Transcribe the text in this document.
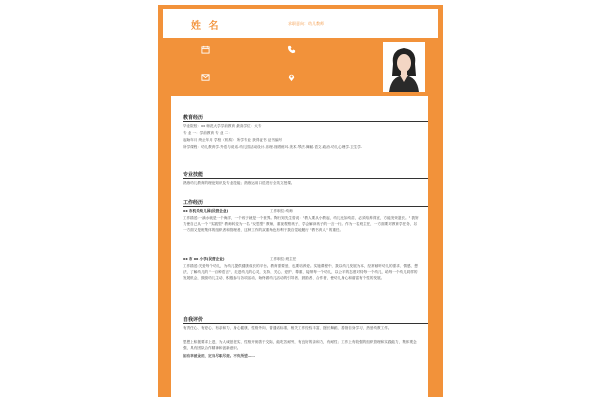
姓 名	求职意向：幼儿教师
教育经历
毕业院校：xx 师范大学学前教育 最高学位：大专
专 业 一：学前教育 专 业 二：
起始年月 终止年月 学校（机构） 所学专业 获得证书 证书编号
所学课程：幼儿教育学.外语与说话.幼儿园活动设计.乐理.视唱练耳.美术.琴法.舞蹈.语文.政治.幼儿心理学.卫生学.
专业技能
熟练幼儿教育的理论知识及专业技能；熟练运用口语进行全英文授课。
工作经历
xx 市机关幼儿园(民营企业)	工作职位:幼师
工作描述:一滴水就是一个海洋，一个孩子就是一个世界。陶行知先生曾说："教人要从小教起，幼儿比如幼苗，必须培养得宜，方能发荣滋长。" 我努力使自己从一个 "实践型" 教师转变为一名 "反思型" 教师，重视观察孩子，学会解读孩子的一言一行。作为一名班主任，一方面要对教育学任务，另一方面又是班集体的组织者和管理者，这种工作的双重角色有利于我自觉地履行 "教书育人" 的重任。
xx 市 xx 小学(民营企业)	工作职位:班主任
工作描述:关爱每个幼儿，为幼儿提供健康成长的平台。教育需要爱，也要培养爱。实施课程中，我以幼儿发展为本，经常倾听幼儿的需求、情感、想法，了解幼儿的 "一百种语言"，走进幼儿的心灵，支持、关心、爱护、尊重、接纳每一个幼儿，以公平的态度对待每一个幼儿，给每一个幼儿同样的发展机会，鼓励幼儿主动、积极参与各项活动，始终做幼儿活动的引导者、鼓励者、合作者，使幼儿身心和谐富有个性的发展。
自我评价
有责任心、有爱心、有亲和力，身心健康，性格外向，普通话标准，相关工作经验丰富，擅长舞蹈，善指自身学习，热爱幼教工作。
思想上积极要求上进，为人诚恳老实，性格开朗善于交际，能吃苦耐劳，有良好的亲和力，有耐性；工作上有较强的组织管理和实践能力，集体观念强，具有团队合作精神和创新意识。
如有幸被录用，定当尽职尽责。不负所望……
